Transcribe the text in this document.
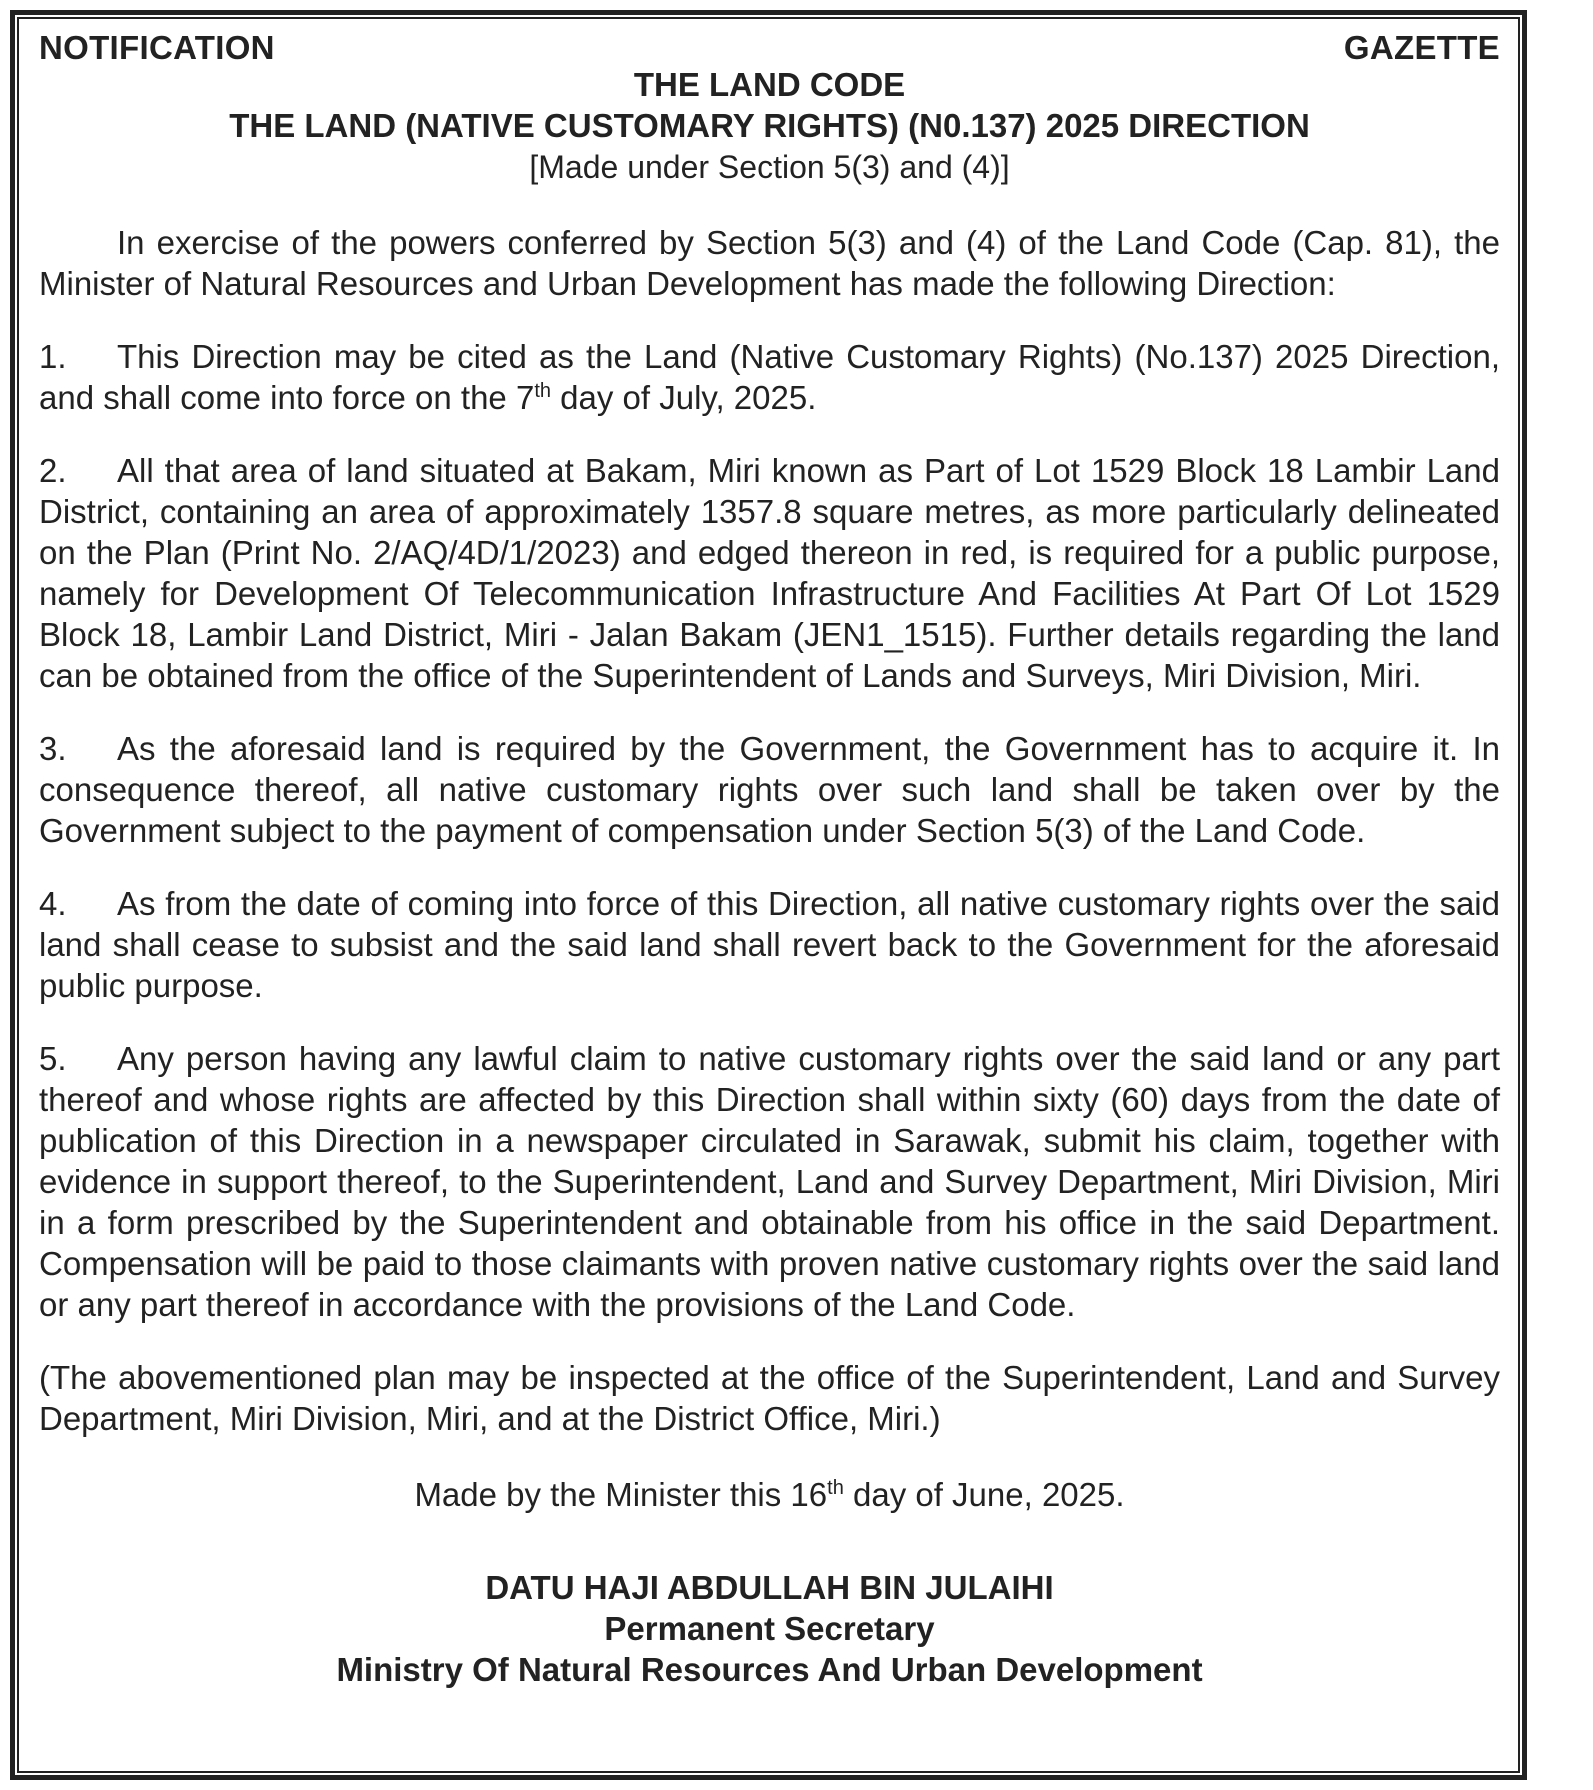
NOTIFICATION	GAZETTE
THE LAND CODE
THE LAND (NATIVE CUSTOMARY RIGHTS) (N0.137) 2025 DIRECTION
[Made under Section 5(3) and (4)]

In exercise of the powers conferred by Section 5(3) and (4) of the Land Code (Cap. 81), the Minister of Natural Resources and Urban Development has made the following Direction:

1. This Direction may be cited as the Land (Native Customary Rights) (No.137) 2025 Direction, and shall come into force on the 7th day of July, 2025.

2. All that area of land situated at Bakam, Miri known as Part of Lot 1529 Block 18 Lambir Land District, containing an area of approximately 1357.8 square metres, as more particularly delineated on the Plan (Print No. 2/AQ/4D/1/2023) and edged thereon in red, is required for a public purpose, namely for Development Of Telecommunication Infrastructure And Facilities At Part Of Lot 1529 Block 18, Lambir Land District, Miri - Jalan Bakam (JEN1_1515). Further details regarding the land can be obtained from the office of the Superintendent of Lands and Surveys, Miri Division, Miri.

3. As the aforesaid land is required by the Government, the Government has to acquire it. In consequence thereof, all native customary rights over such land shall be taken over by the Government subject to the payment of compensation under Section 5(3) of the Land Code.

4. As from the date of coming into force of this Direction, all native customary rights over the said land shall cease to subsist and the said land shall revert back to the Government for the aforesaid public purpose.

5. Any person having any lawful claim to native customary rights over the said land or any part thereof and whose rights are affected by this Direction shall within sixty (60) days from the date of publication of this Direction in a newspaper circulated in Sarawak, submit his claim, together with evidence in support thereof, to the Superintendent, Land and Survey Department, Miri Division, Miri in a form prescribed by the Superintendent and obtainable from his office in the said Department. Compensation will be paid to those claimants with proven native customary rights over the said land or any part thereof in accordance with the provisions of the Land Code.

(The abovementioned plan may be inspected at the office of the Superintendent, Land and Survey Department, Miri Division, Miri, and at the District Office, Miri.)

Made by the Minister this 16th day of June, 2025.
DATU HAJI ABDULLAH BIN JULAIHI
Permanent Secretary
Ministry Of Natural Resources And Urban Development
